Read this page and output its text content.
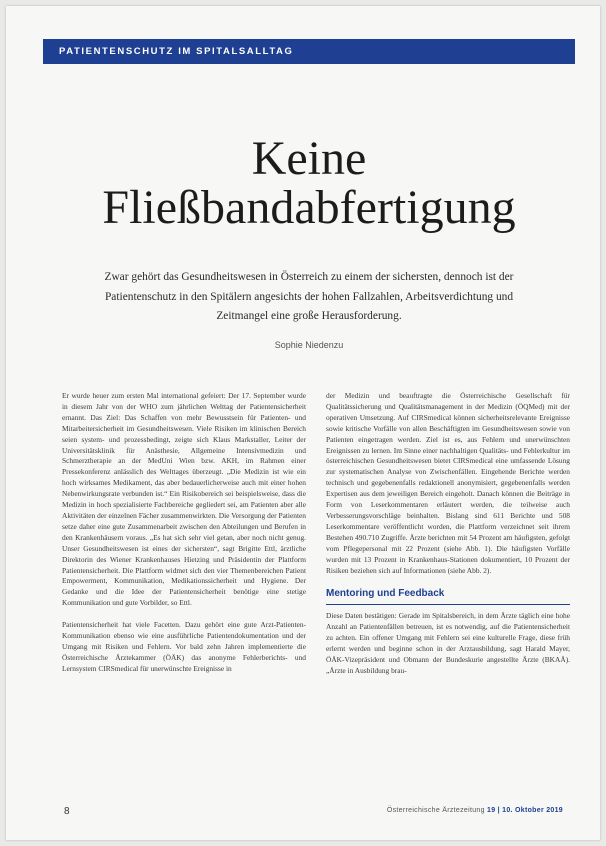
PATIENTENSCHUTZ IM SPITALSALLTAG
Keine
Fließbandabfertigung
Zwar gehört das Gesundheitswesen in Österreich zu einem der sichersten, dennoch ist der Patientenschutz in den Spitälern angesichts der hohen Fallzahlen, Arbeitsverdichtung und Zeitmangel eine große Herausforderung.
Sophie Niedenzu

Er wurde heuer zum ersten Mal international gefeiert: Der 17. September wurde in diesem Jahr von der WHO zum jährlichen Welttag der Patientensicherheit ernannt. Das Ziel: Das Schaffen von mehr Bewusstsein für Patienten- und Mitarbeitersicherheit im Gesundheitswesen. Viele Risiken im klinischen Bereich seien system- und prozessbedingt, zeigte sich Klaus Markstaller, Leiter der Universitätsklinik für Anästhesie, Allgemeine Intensivmedizin und Schmerztherapie an der MedUni Wien bzw. AKH, im Rahmen einer Pressekonferenz anlässlich des Welttages überzeugt. „Die Medizin ist wie ein hoch wirksames Medikament, das aber bedauerlicherweise auch mit einer hohen Nebenwirkungsrate verbunden ist.“ Ein Risikobereich sei beispielsweise, dass die Medizin in hoch spezialisierte Fachbereiche gegliedert sei, am Patienten aber alle Aktivitäten der einzelnen Fächer zusammenwirkten. Die Versorgung der Patienten setze daher eine gute Zusammenarbeit zwischen den Abteilungen und Berufen in den Krankenhäusern voraus. „Es hat sich sehr viel getan, aber noch nicht genug. Unser Gesundheitswesen ist eines der sichersten“, sagt Brigitte Ettl, ärztliche Direktorin des Wiener Krankenhauses Hietzing und Präsidentin der Plattform Patientensicherheit. Die Plattform widmet sich den vier Themenbereichen Patient Empowerment, Kommunikation, Medikationssicherheit und Hygiene. Der Gedanke und die Idee der Patientensicherheit benötige eine stetige Kommunikation und gute Vorbilder, so Ettl.

Patientensicherheit hat viele Facetten. Dazu gehört eine gute Arzt-Patienten-Kommunikation ebenso wie eine ausführliche Patientendokumentation und der Umgang mit Risiken und Fehlern. Vor bald zehn Jahren implementierte die Österreichische Ärztekammer (ÖÄK) das anonyme Fehlerberichts- und Lernsystem CIRSmedical für unerwünschte Ereignisse in

der Medizin und beauftragte die Österreichische Gesellschaft für Qualitätssicherung und Qualitätsmanagement in der Medizin (ÖQMed) mit der operativen Umsetzung. Auf CIRSmedical können sicherheitsrelevante Ereignisse sowie kritische Vorfälle von allen Beschäftigten im Gesundheitswesen sowie von Patienten eingetragen werden. Ziel ist es, aus Fehlern und unerwünschten Ereignissen zu lernen. Im Sinne einer nachhaltigen Qualitäts- und Fehlerkultur im österreichischen Gesundheitswesen bietet CIRSmedical eine umfassende Lösung zur systematischen Analyse von Zwischenfällen. Eingehende Berichte werden technisch und gegebenenfalls redaktionell anonymisiert, gegebenenfalls werden Expertisen aus dem jeweiligen Bereich eingeholt. Danach können die Beiträge in Form von Leserkommentaren erläutert werden, die teilweise auch Verbesserungsvorschläge beinhalten. Bislang sind 611 Berichte und 508 Leserkommentare veröffentlicht worden, die Plattform verzeichnet seit ihrem Bestehen 490.710 Zugriffe. Ärzte berichten mit 54 Prozent am häufigsten, gefolgt vom Pflegepersonal mit 22 Prozent (siehe Abb. 1). Die häufigsten Vorfälle wurden mit 13 Prozent in Krankenhaus-Stationen dokumentiert, 10 Prozent der Risiken beziehen sich auf Informationen (siehe Abb. 2).

Mentoring und Feedback

Diese Daten bestätigen: Gerade im Spitalsbereich, in dem Ärzte täglich eine hohe Anzahl an Patientenfällen betreuen, ist es notwendig, auf die Patientensicherheit zu achten. Ein offener Umgang mit Fehlern sei eine kulturelle Frage, diese früh erlernt werden und beginne schon in der Arztausbildung, sagt Harald Mayer, ÖÄK-Vizepräsident und Obmann der Bundeskurie angestellte Ärzte (BKAÄ). „Ärzte in Ausbildung brau-

8	Österreichische Ärztezeitung 19 | 10. Oktober 2019
